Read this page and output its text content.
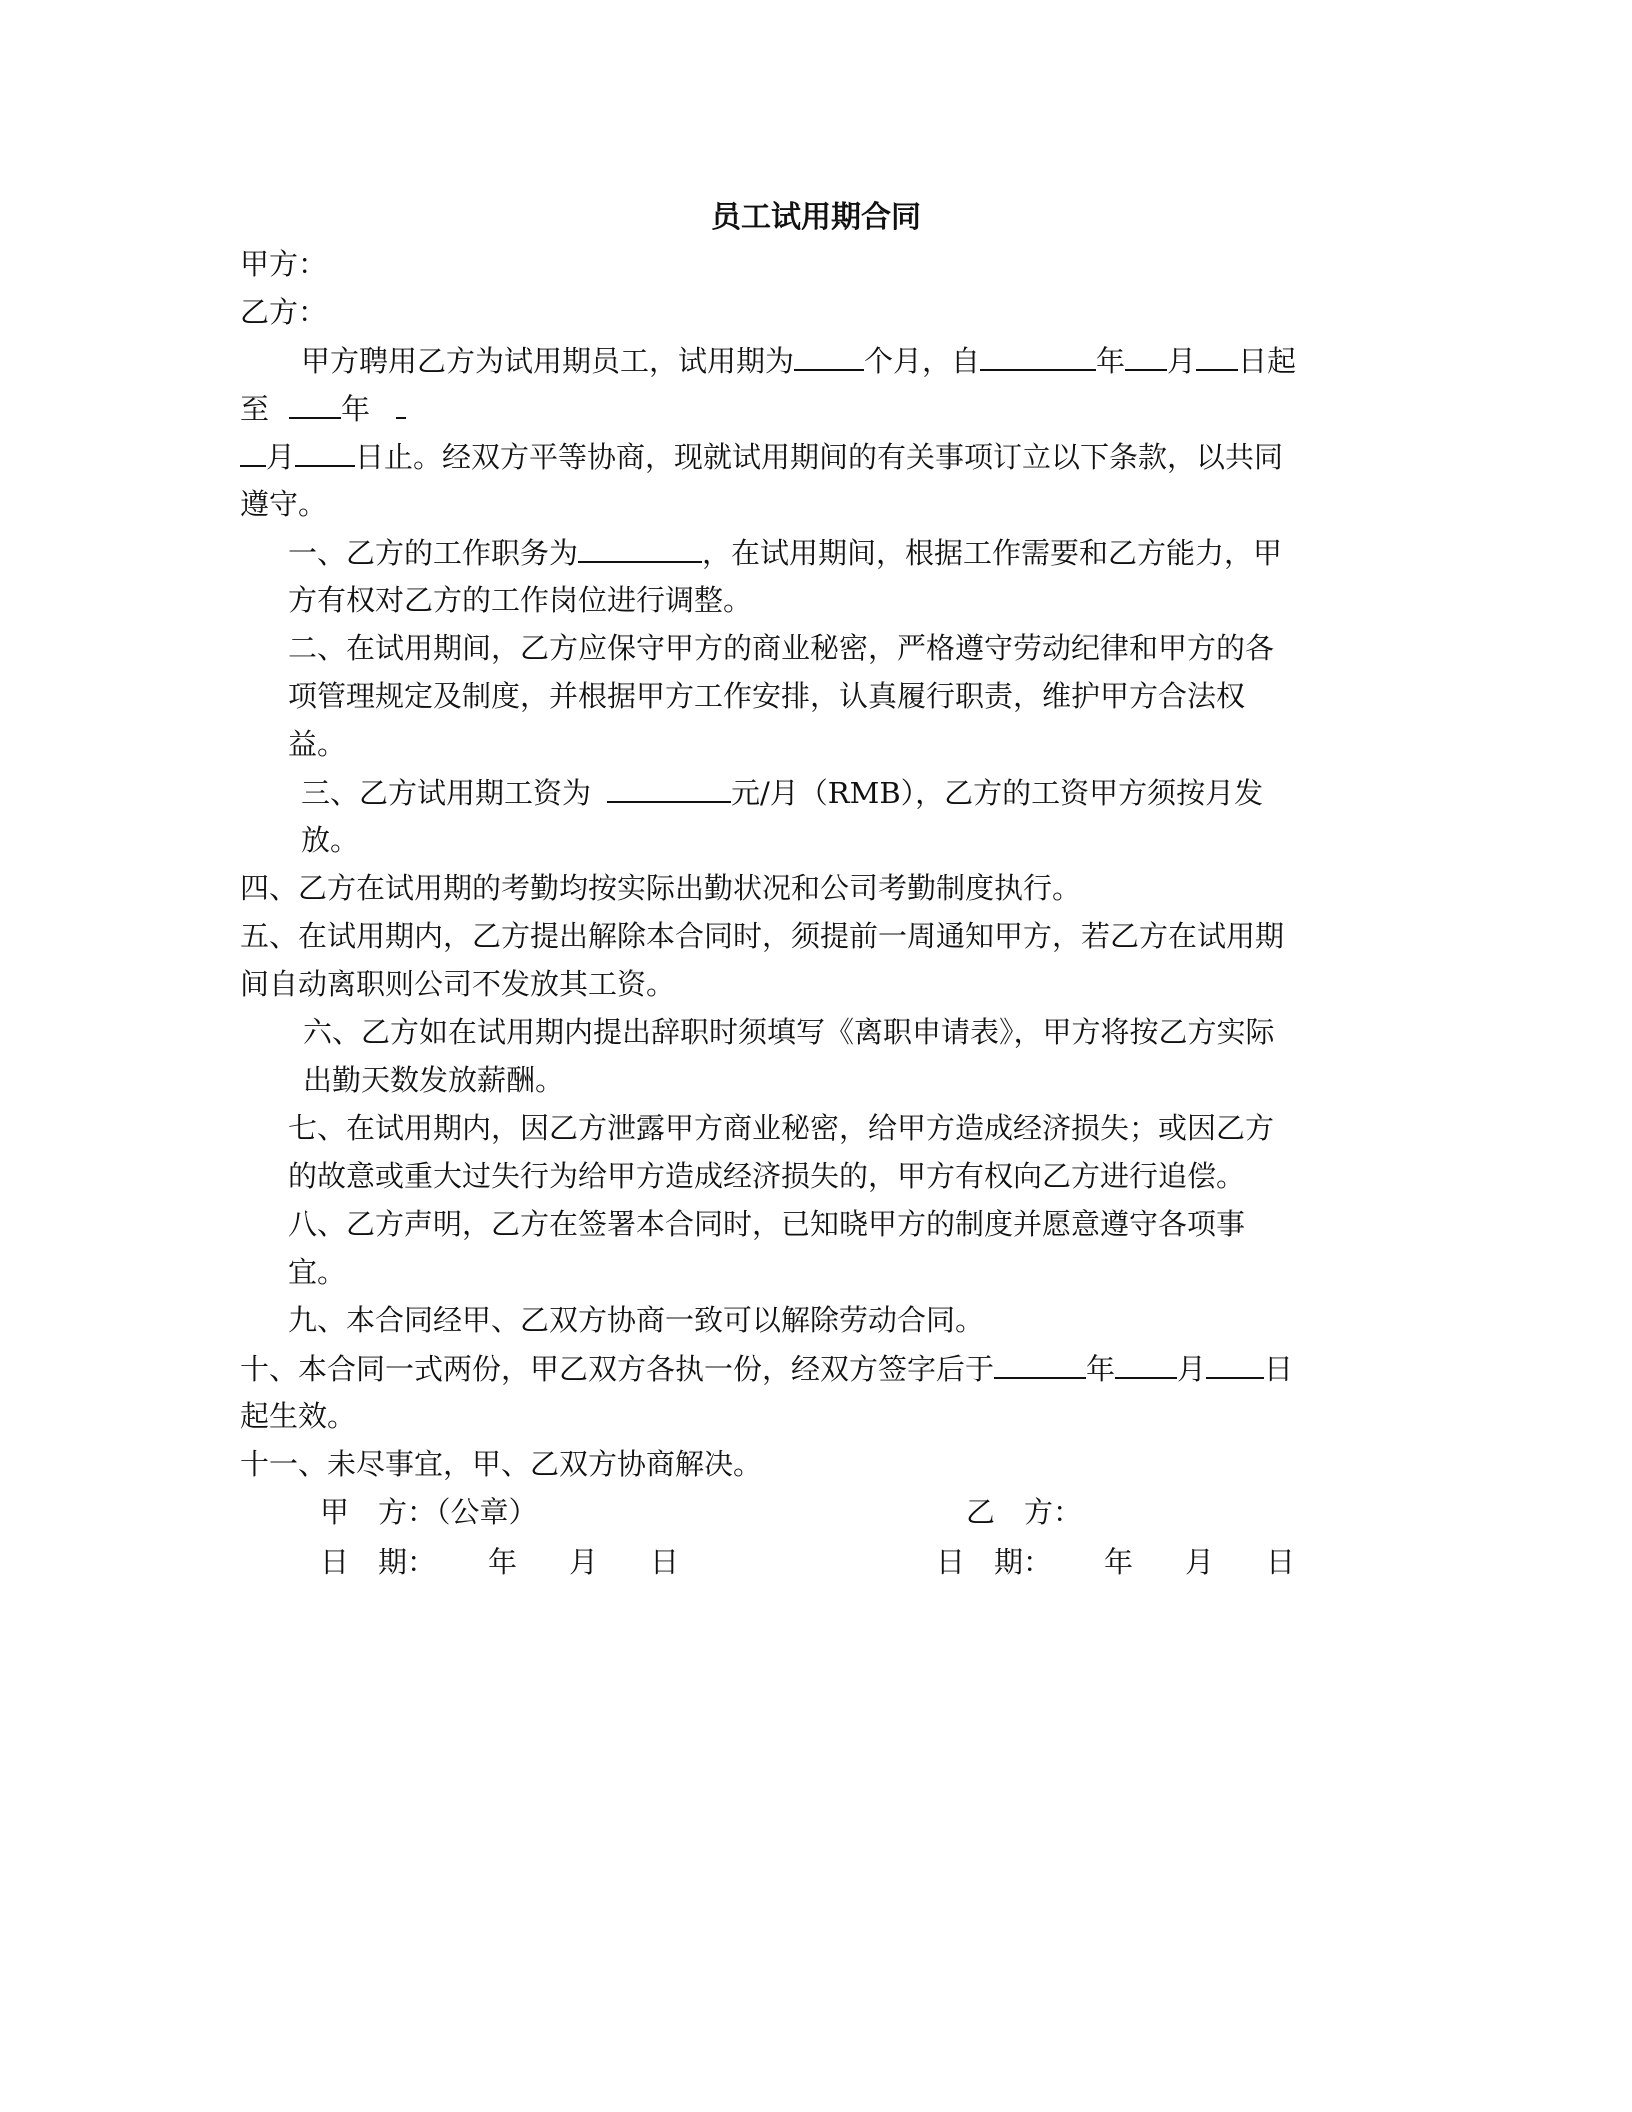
员工试用期合同
甲方：
乙方：
甲方聘用乙方为试用期员工，试用期为 个月，自	年 月 日起
至 年
月 日止。经双方平等协商，现就试用期间的有关事项订立以下条款，以共同
遵守。
一、乙方的工作职务为	，在试用期间，根据工作需要和乙方能力，甲
方有权对乙方的工作岗位进行调整。
二、在试用期间，乙方应保守甲方的商业秘密，严格遵守劳动纪律和甲方的各
项管理规定及制度，并根据甲方工作安排，认真履行职责，维护甲方合法权
益。
三、乙方试用期工资为	元/月（RMB），乙方的工资甲方须按月发
放。
四、乙方在试用期的考勤均按实际出勤状况和公司考勤制度执行。
五、在试用期内，乙方提出解除本合同时，须提前一周通知甲方，若乙方在试用期
间自动离职则公司不发放其工资。
六、乙方如在试用期内提出辞职时须填写《离职申请表》，甲方将按乙方实际
出勤天数发放薪酬。
七、在试用期内，因乙方泄露甲方商业秘密，给甲方造成经济损失；或因乙方
的故意或重大过失行为给甲方造成经济损失的，甲方有权向乙方进行追偿。
八、乙方声明，乙方在签署本合同时，已知晓甲方的制度并愿意遵守各项事
宜。
九、本合同经甲、乙双方协商一致可以解除劳动合同。
十、本合同一式两份，甲乙双方各执一份，经双方签字后于	年 月 日
起生效。
十一、未尽事宜，甲、乙双方协商解决。
甲　方：（公章）	乙　方：
日　期： 年 月 日	日　期： 年 月 日
